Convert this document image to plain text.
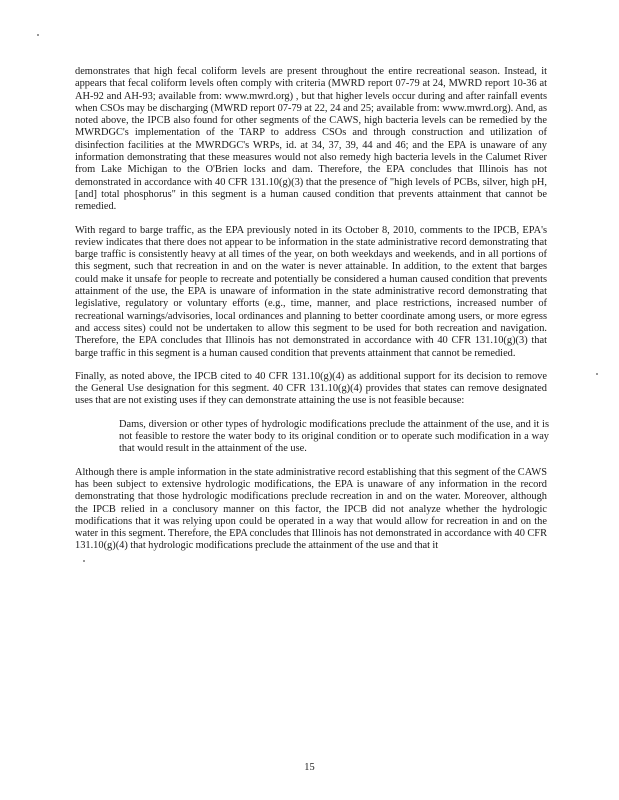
demonstrates that high fecal coliform levels are present throughout the entire recreational season. Instead, it appears that fecal coliform levels often comply with criteria (MWRD report 07-79 at 24, MWRD report 10-36 at AH-92 and AH-93; available from: www.mwrd.org) , but that higher levels occur during and after rainfall events when CSOs may be discharging (MWRD report 07-79 at 22, 24 and 25; available from: www.mwrd.org). And, as noted above, the IPCB also found for other segments of the CAWS, high bacteria levels can be remedied by the MWRDGC's implementation of the TARP to address CSOs and through construction and utilization of disinfection facilities at the MWRDGC's WRPs, id. at 34, 37, 39, 44 and 46; and the EPA is unaware of any information demonstrating that these measures would not also remedy high bacteria levels in the Calumet River from Lake Michigan to the O'Brien locks and dam. Therefore, the EPA concludes that Illinois has not demonstrated in accordance with 40 CFR 131.10(g)(3) that the presence of "high levels of PCBs, silver, high pH, [and] total phosphorus" in this segment is a human caused condition that prevents attainment that cannot be remedied.

With regard to barge traffic, as the EPA previously noted in its October 8, 2010, comments to the IPCB, EPA's review indicates that there does not appear to be information in the state administrative record demonstrating that barge traffic is consistently heavy at all times of the year, on both weekdays and weekends, and in all portions of this segment, such that recreation in and on the water is never attainable. In addition, to the extent that barges could make it unsafe for people to recreate and potentially be considered a human caused condition that prevents attainment of the use, the EPA is unaware of information in the state administrative record demonstrating that legislative, regulatory or voluntary efforts (e.g., time, manner, and place restrictions, increased number of recreational warnings/advisories, local ordinances and planning to better coordinate among users, or more egress and access sites) could not be undertaken to allow this segment to be used for both recreation and navigation. Therefore, the EPA concludes that Illinois has not demonstrated in accordance with 40 CFR 131.10(g)(3) that barge traffic in this segment is a human caused condition that prevents attainment that cannot be remedied.

Finally, as noted above, the IPCB cited to 40 CFR 131.10(g)(4) as additional support for its decision to remove the General Use designation for this segment. 40 CFR 131.10(g)(4) provides that states can remove designated uses that are not existing uses if they can demonstrate attaining the use is not feasible because:

Dams, diversion or other types of hydrologic modifications preclude the attainment of the use, and it is not feasible to restore the water body to its original condition or to operate such modification in a way that would result in the attainment of the use.

Although there is ample information in the state administrative record establishing that this segment of the CAWS has been subject to extensive hydrologic modifications, the EPA is unaware of any information in the record demonstrating that those hydrologic modifications preclude recreation in and on the water. Moreover, although the IPCB relied in a conclusory manner on this factor, the IPCB did not analyze whether the hydrologic modifications that it was relying upon could be operated in a way that would allow for recreation in and on the water in this segment. Therefore, the EPA concludes that Illinois has not demonstrated in accordance with 40 CFR 131.10(g)(4) that hydrologic modifications preclude the attainment of the use and that it

15
